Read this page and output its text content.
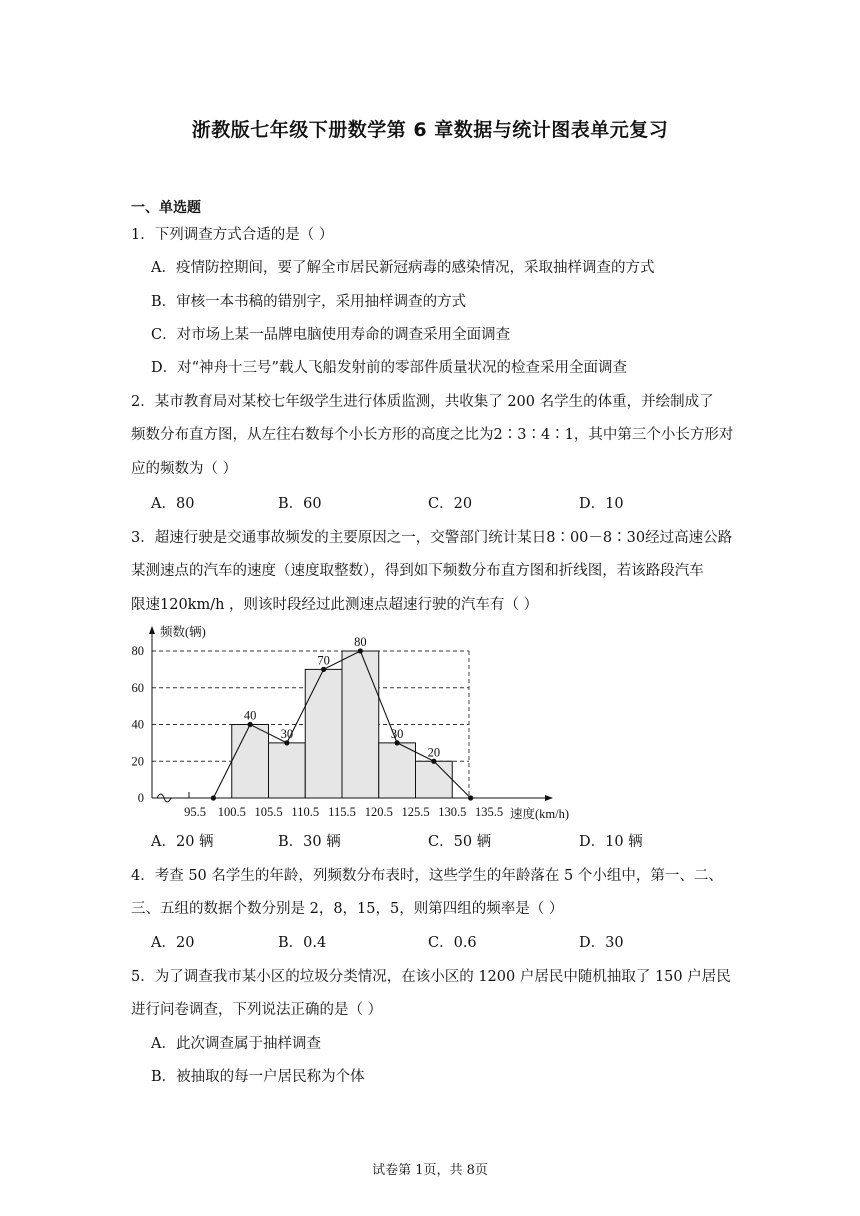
浙教版七年级下册数学第 6 章数据与统计图表单元复习
一、单选题
1．下列调查方式合适的是（ ）
A．疫情防控期间，要了解全市居民新冠病毒的感染情况，采取抽样调查的方式
B．审核一本书稿的错别字，采用抽样调查的方式
C．对市场上某一品牌电脑使用寿命的调查采用全面调查
D．对“神舟十三号”载人飞船发射前的零部件质量状况的检查采用全面调查
2．某市教育局对某校七年级学生进行体质监测，共收集了 200 名学生的体重，并绘制成了
频数分布直方图，从左往右数每个小长方形的高度之比为2∶3∶4∶1，其中第三个小长方形对
应的频数为（ ）
A．80	B．60	C．20	D．10
3．超速行驶是交通事故频发的主要原因之一，交警部门统计某日8∶00－8∶30经过高速公路
某测速点的汽车的速度（速度取整数），得到如下频数分布直方图和折线图，若该路段汽车
限速120km/h ，则该时段经过此测速点超速行驶的汽车有（ ）
0
20
40
60
80
95.5 100.5 105.5 110.5 115.5 120.5 125.5 130.5 135.5
频数(辆)
速度(km/h)
40
30
70
80
30
20
A．20 辆	B．30 辆	C．50 辆	D．10 辆
4．考查 50 名学生的年龄，列频数分布表时，这些学生的年龄落在 5 个小组中，第一、二、
三、五组的数据个数分别是 2，8，15，5，则第四组的频率是（ ）
A．20	B．0.4	C．0.6	D．30
5．为了调查我市某小区的垃圾分类情况，在该小区的 1200 户居民中随机抽取了 150 户居民
进行问卷调查，下列说法正确的是（ ）
A．此次调查属于抽样调查
B．被抽取的每一户居民称为个体
试卷第 1页，共 8页
